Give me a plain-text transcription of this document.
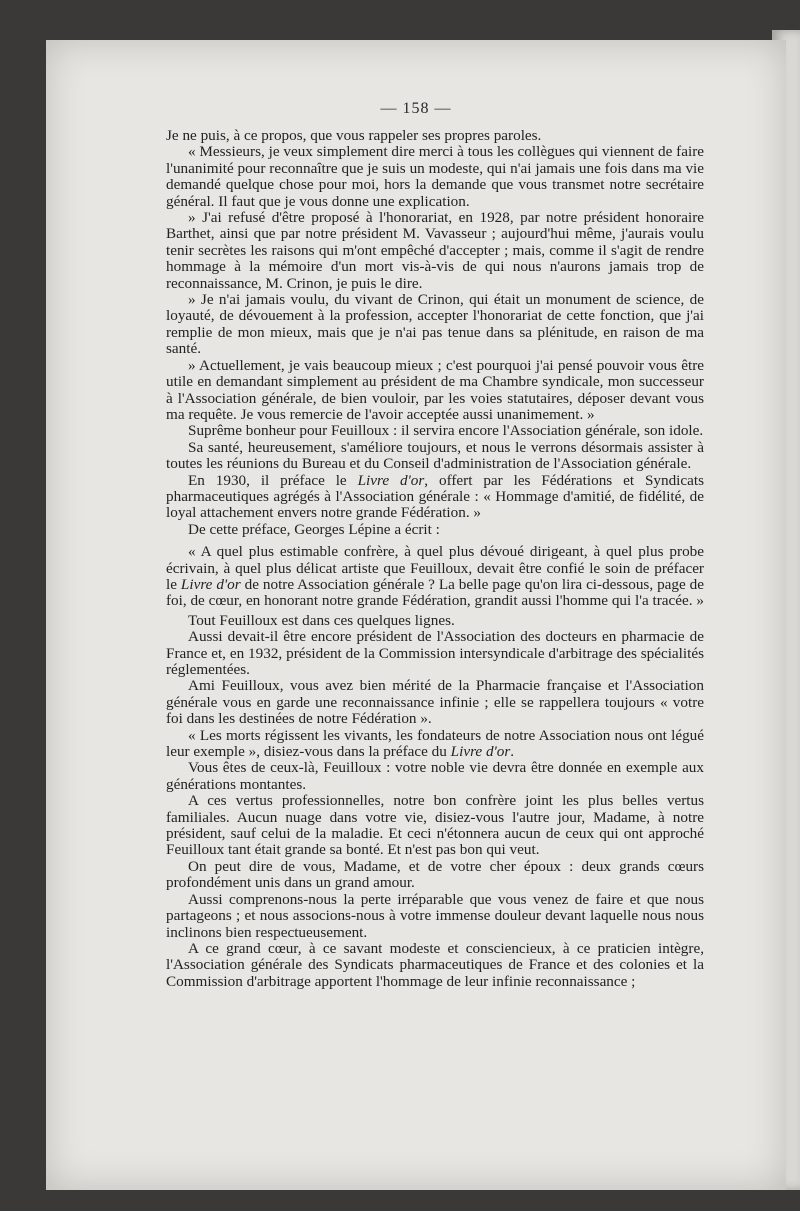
— 158 —

Je ne puis, à ce propos, que vous rappeler ses propres paroles.

« Messieurs, je veux simplement dire merci à tous les collègues qui viennent de faire l'unanimité pour reconnaître que je suis un modeste, qui n'ai jamais une fois dans ma vie demandé quelque chose pour moi, hors la demande que vous transmet notre secrétaire général. Il faut que je vous donne une explication.

» J'ai refusé d'être proposé à l'honorariat, en 1928, par notre président honoraire Barthet, ainsi que par notre président M. Vavasseur ; aujourd'hui même, j'aurais voulu tenir secrètes les raisons qui m'ont empêché d'accepter ; mais, comme il s'agit de rendre hommage à la mémoire d'un mort vis-à-vis de qui nous n'aurons jamais trop de reconnaissance, M. Crinon, je puis le dire.

» Je n'ai jamais voulu, du vivant de Crinon, qui était un monument de science, de loyauté, de dévouement à la profession, accepter l'honorariat de cette fonction, que j'ai remplie de mon mieux, mais que je n'ai pas tenue dans sa plénitude, en raison de ma santé.

» Actuellement, je vais beaucoup mieux ; c'est pourquoi j'ai pensé pouvoir vous être utile en demandant simplement au président de ma Chambre syndicale, mon successeur à l'Association générale, de bien vouloir, par les voies statutaires, déposer devant vous ma requête. Je vous remercie de l'avoir acceptée aussi unanimement. »

Suprême bonheur pour Feuilloux : il servira encore l'Association générale, son idole.

Sa santé, heureusement, s'améliore toujours, et nous le verrons désormais assister à toutes les réunions du Bureau et du Conseil d'administration de l'Association générale.

En 1930, il préface le Livre d'or, offert par les Fédérations et Syndicats pharmaceutiques agrégés à l'Association générale : « Hommage d'amitié, de fidélité, de loyal attachement envers notre grande Fédération. »

De cette préface, Georges Lépine a écrit :

« A quel plus estimable confrère, à quel plus dévoué dirigeant, à quel plus probe écrivain, à quel plus délicat artiste que Feuilloux, devait être confié le soin de préfacer le Livre d'or de notre Association générale ? La belle page qu'on lira ci-dessous, page de foi, de cœur, en honorant notre grande Fédération, grandit aussi l'homme qui l'a tracée. »

Tout Feuilloux est dans ces quelques lignes.

Aussi devait-il être encore président de l'Association des docteurs en pharmacie de France et, en 1932, président de la Commission intersyndicale d'arbitrage des spécialités réglementées.

Ami Feuilloux, vous avez bien mérité de la Pharmacie française et l'Association générale vous en garde une reconnaissance infinie ; elle se rappellera toujours « votre foi dans les destinées de notre Fédération ».

« Les morts régissent les vivants, les fondateurs de notre Association nous ont légué leur exemple », disiez-vous dans la préface du Livre d'or.

Vous êtes de ceux-là, Feuilloux : votre noble vie devra être donnée en exemple aux générations montantes.

A ces vertus professionnelles, notre bon confrère joint les plus belles vertus familiales. Aucun nuage dans votre vie, disiez-vous l'autre jour, Madame, à notre président, sauf celui de la maladie. Et ceci n'étonnera aucun de ceux qui ont approché Feuilloux tant était grande sa bonté. Et n'est pas bon qui veut.

On peut dire de vous, Madame, et de votre cher époux : deux grands cœurs profondément unis dans un grand amour.

Aussi comprenons-nous la perte irréparable que vous venez de faire et que nous partageons ; et nous associons-nous à votre immense douleur devant laquelle nous nous inclinons bien respectueusement.

A ce grand cœur, à ce savant modeste et consciencieux, à ce praticien intègre, l'Association générale des Syndicats pharmaceutiques de France et des colonies et la Commission d'arbitrage apportent l'hommage de leur infinie reconnaissance ;
